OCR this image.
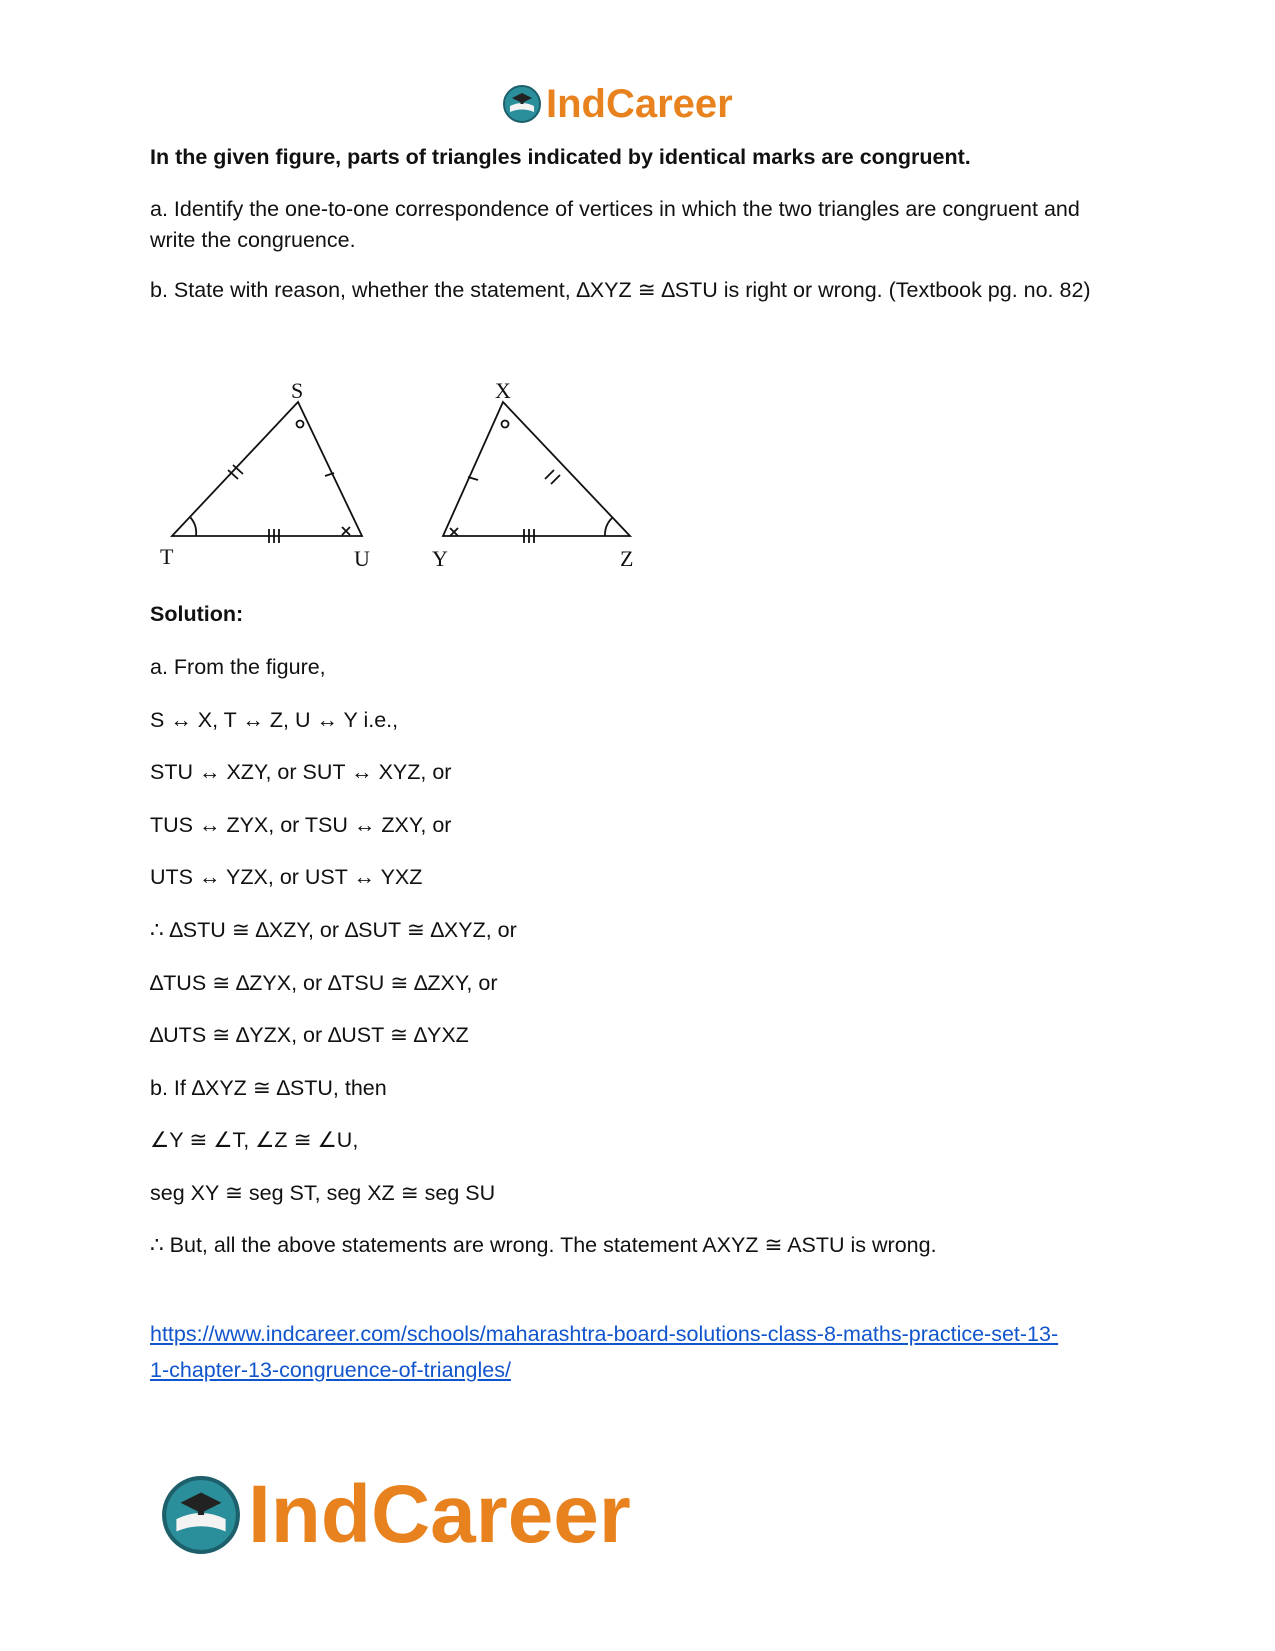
IndCareer

In the given figure, parts of triangles indicated by identical marks are congruent.

a. Identify the one-to-one correspondence of vertices in which the two triangles are congruent and write the congruence.

b. State with reason, whether the statement, ∆XYZ ≅ ∆STU is right or wrong. (Textbook pg. no. 82)

S
T	U
X
Y	Z

Solution:

a. From the figure,

S ↔ X, T ↔ Z, U ↔ Y i.e.,

STU ↔ XZY, or SUT ↔ XYZ, or

TUS ↔ ZYX, or TSU ↔ ZXY, or

UTS ↔ YZX, or UST ↔ YXZ

∴ ∆STU ≅ ∆XZY, or ∆SUT ≅ ∆XYZ, or

∆TUS ≅ ∆ZYX, or ∆TSU ≅ ∆ZXY, or

∆UTS ≅ ∆YZX, or ∆UST ≅ ∆YXZ

b. If ∆XYZ ≅ ∆STU, then

∠Y ≅ ∠T, ∠Z ≅ ∠U,

seg XY ≅ seg ST, seg XZ ≅ seg SU

∴ But, all the above statements are wrong. The statement AXYZ ≅ ASTU is wrong.

https://www.indcareer.com/schools/maharashtra-board-solutions-class-8-maths-practice-set-13-
1-chapter-13-congruence-of-triangles/
IndCareer
